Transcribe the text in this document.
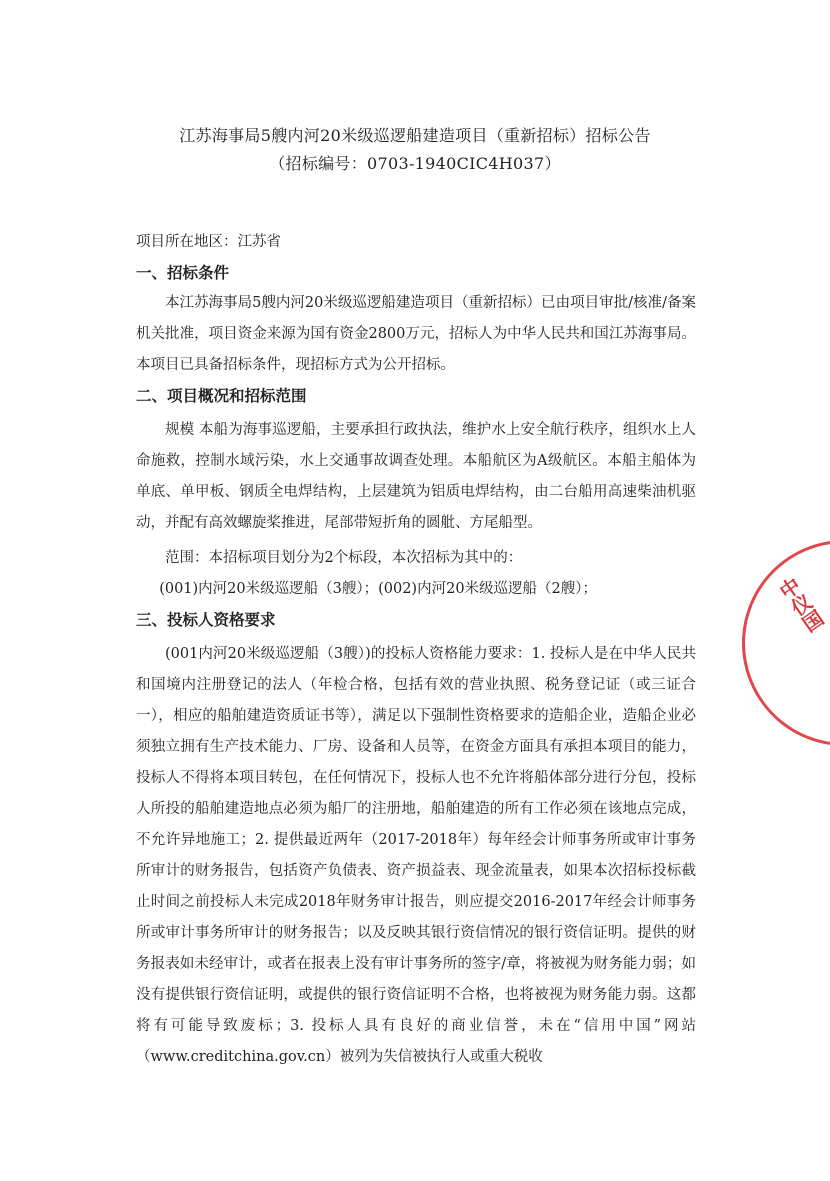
江苏海事局5艘内河20米级巡逻船建造项目（重新招标）招标公告
（招标编号：0703-1940CIC4H037）
项目所在地区：江苏省
一、招标条件

本江苏海事局5艘内河20米级巡逻船建造项目（重新招标）已由项目审批/核准/备案机关批准，项目资金来源为国有资金2800万元，招标人为中华人民共和国江苏海事局。本项目已具备招标条件，现招标方式为公开招标。

二、项目概况和招标范围

规模 本船为海事巡逻船，主要承担行政执法，维护水上安全航行秩序，组织水上人命施救，控制水域污染，水上交通事故调查处理。本船航区为A级航区。本船主船体为单底、单甲板、钢质全电焊结构，上层建筑为铝质电焊结构，由二台船用高速柴油机驱动，并配有高效螺旋桨推进，尾部带短折角的圆舭、方尾船型。

范围：本招标项目划分为2个标段，本次招标为其中的：

(001)内河20米级巡逻船（3艘）；(002)内河20米级巡逻船（2艘）；

三、投标人资格要求

(001内河20米级巡逻船（3艘）)的投标人资格能力要求：1. 投标人是在中华人民共和国境内注册登记的法人（年检合格，包括有效的营业执照、税务登记证（或三证合一），相应的船舶建造资质证书等），满足以下强制性资格要求的造船企业，造船企业必须独立拥有生产技术能力、厂房、设备和人员等，在资金方面具有承担本项目的能力，投标人不得将本项目转包，在任何情况下，投标人也不允许将船体部分进行分包，投标人所投的船舶建造地点必须为船厂的注册地，船舶建造的所有工作必须在该地点完成，不允许异地施工；2. 提供最近两年（2017-2018年）每年经会计师事务所或审计事务所审计的财务报告，包括资产负债表、资产损益表、现金流量表，如果本次招标投标截止时间之前投标人未完成2018年财务审计报告，则应提交2016-2017年经会计师事务所或审计事务所审计的财务报告；以及反映其银行资信情况的银行资信证明。提供的财务报表如未经审计，或者在报表上没有审计事务所的签字/章，将被视为财务能力弱；如没有提供银行资信证明，或提供的银行资信证明不合格，也将被视为财务能力弱。这都将有可能导致废标；3. 投标人具有良好的商业信誉，未在“信用中国”网站（www.creditchina.gov.cn）被列为失信被执行人或重大税收

中仪国
